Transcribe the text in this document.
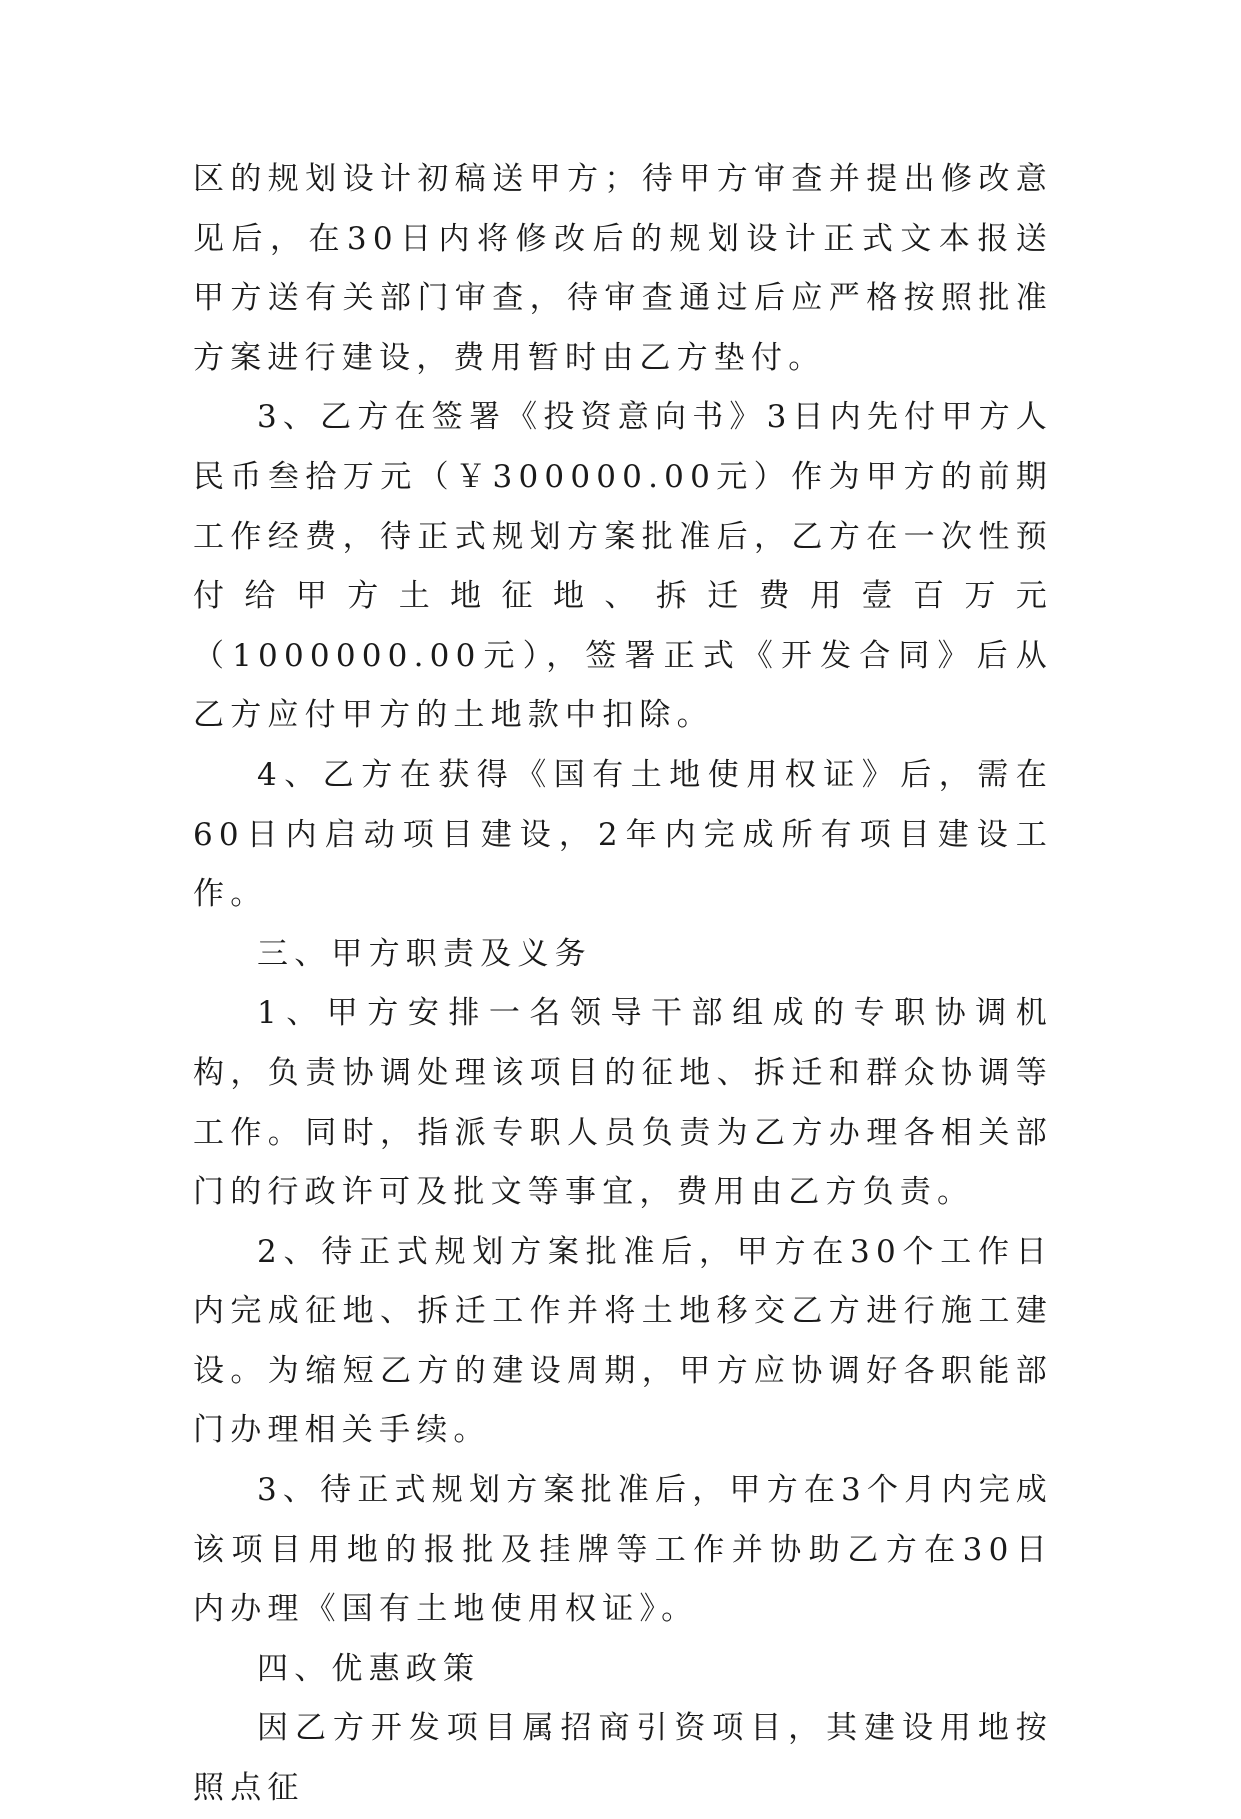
区的规划设计初稿送甲方；待甲方审查并提出修改意见后，在30日内将修改后的规划设计正式文本报送甲方送有关部门审查，待审查通过后应严格按照批准方案进行建设，费用暂时由乙方垫付。

3、乙方在签署《投资意向书》3日内先付甲方人民币叁拾万元（￥300000.00元）作为甲方的前期工作经费，待正式规划方案批准后，乙方在一次性预付给甲方土地征地、拆迁费用壹百万元（1000000.00元），签署正式《开发合同》后从乙方应付甲方的土地款中扣除。

4、乙方在获得《国有土地使用权证》后，需在60日内启动项目建设，2年内完成所有项目建设工作。

三、甲方职责及义务

1、甲方安排一名领导干部组成的专职协调机构，负责协调处理该项目的征地、拆迁和群众协调等工作。同时，指派专职人员负责为乙方办理各相关部门的行政许可及批文等事宜，费用由乙方负责。

2、待正式规划方案批准后，甲方在30个工作日内完成征地、拆迁工作并将土地移交乙方进行施工建设。为缩短乙方的建设周期，甲方应协调好各职能部门办理相关手续。

3、待正式规划方案批准后，甲方在3个月内完成该项目用地的报批及挂牌等工作并协助乙方在30日内办理《国有土地使用权证》。

四、优惠政策

因乙方开发项目属招商引资项目，其建设用地按照点征
